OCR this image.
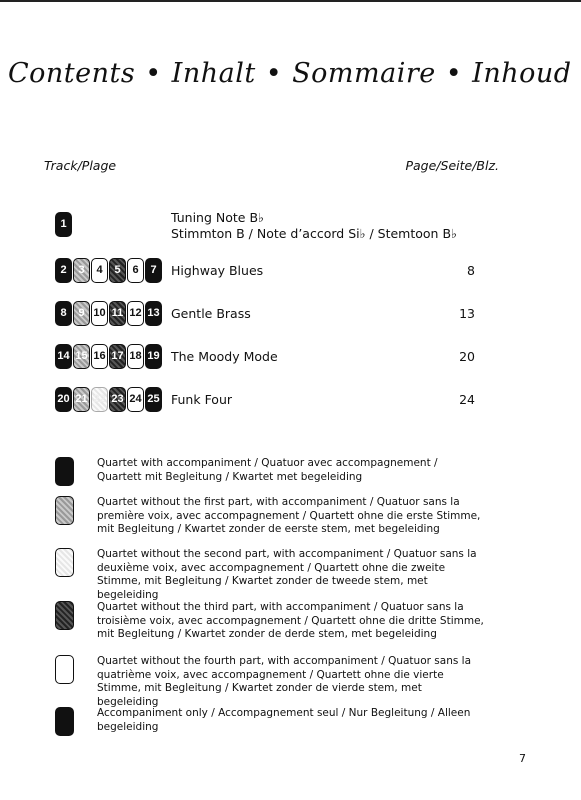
Contents • Inhalt • Sommaire • Inhoud
Track/Plage	Page/Seite/Blz.
1	Tuning Note B♭
Stimmton B / Note d’accord Si♭ / Stemtoon B♭
2	3	4	5	6	7	Highway Blues	8
8	9 10 11 12 13 Gentle Brass	13
14 15 16 17 18 19 The Moody Mode	20
20 21 22 23 24 25 Funk Four	24
Quartet with accompaniment / Quatuor avec accompagnement / Quartett mit Begleitung / Kwartet met begeleiding
Quartet without the first part, with accompaniment / Quatuor sans la première voix, avec accompagnement / Quartett ohne die erste Stimme, mit Begleitung / Kwartet zonder de eerste stem, met begeleiding
Quartet without the second part, with accompaniment / Quatuor sans la deuxième voix, avec accompagnement / Quartett ohne die zweite Stimme, mit Begleitung / Kwartet zonder de tweede stem, met begeleiding
Quartet without the third part, with accompaniment / Quatuor sans la troisième voix, avec accompagnement / Quartett ohne die dritte Stimme, mit Begleitung / Kwartet zonder de derde stem, met begeleiding
Quartet without the fourth part, with accompaniment / Quatuor sans la quatrième voix, avec accompagnement / Quartett ohne die vierte Stimme, mit Begleitung / Kwartet zonder de vierde stem, met begeleiding
Accompaniment only / Accompagnement seul / Nur Begleitung / Alleen begeleiding
7
